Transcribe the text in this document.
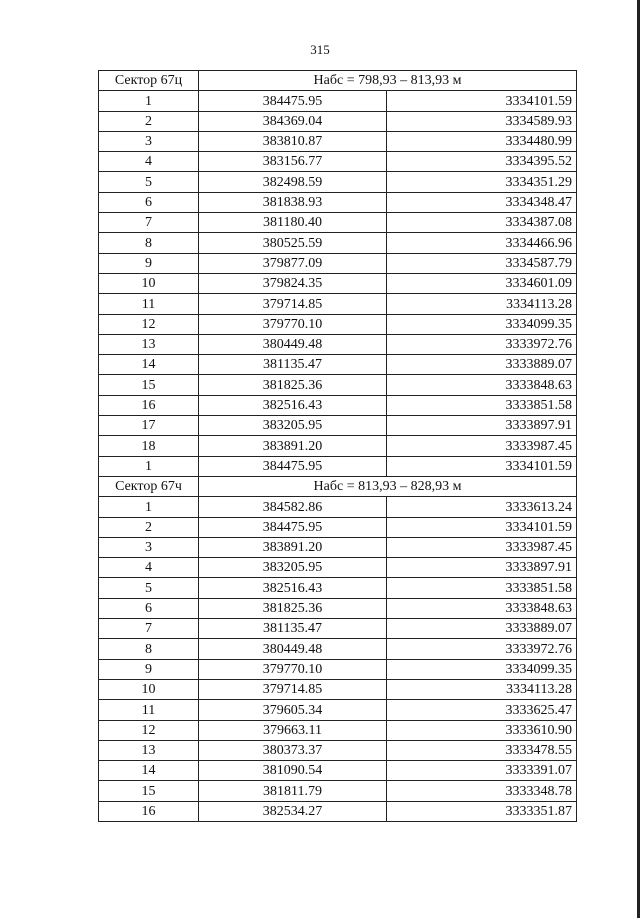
315
Сектор 67ц	Набс = 798,93 – 813,93 м	
1	384475.95	3334101.59
2	384369.04	3334589.93
3	383810.87	3334480.99
4	383156.77	3334395.52
5	382498.59	3334351.29
6	381838.93	3334348.47
7	381180.40	3334387.08
8	380525.59	3334466.96
9	379877.09	3334587.79
10	379824.35	3334601.09
11	379714.85	3334113.28
12	379770.10	3334099.35
13	380449.48	3333972.76
14	381135.47	3333889.07
15	381825.36	3333848.63
16	382516.43	3333851.58
17	383205.95	3333897.91
18	383891.20	3333987.45
1	384475.95	3334101.59
Сектор 67ч	Набс = 813,93 – 828,93 м	
1	384582.86	3333613.24
2	384475.95	3334101.59
3	383891.20	3333987.45
4	383205.95	3333897.91
5	382516.43	3333851.58
6	381825.36	3333848.63
7	381135.47	3333889.07
8	380449.48	3333972.76
9	379770.10	3334099.35
10	379714.85	3334113.28
11	379605.34	3333625.47
12	379663.11	3333610.90
13	380373.37	3333478.55
14	381090.54	3333391.07
15	381811.79	3333348.78
16	382534.27	3333351.87
